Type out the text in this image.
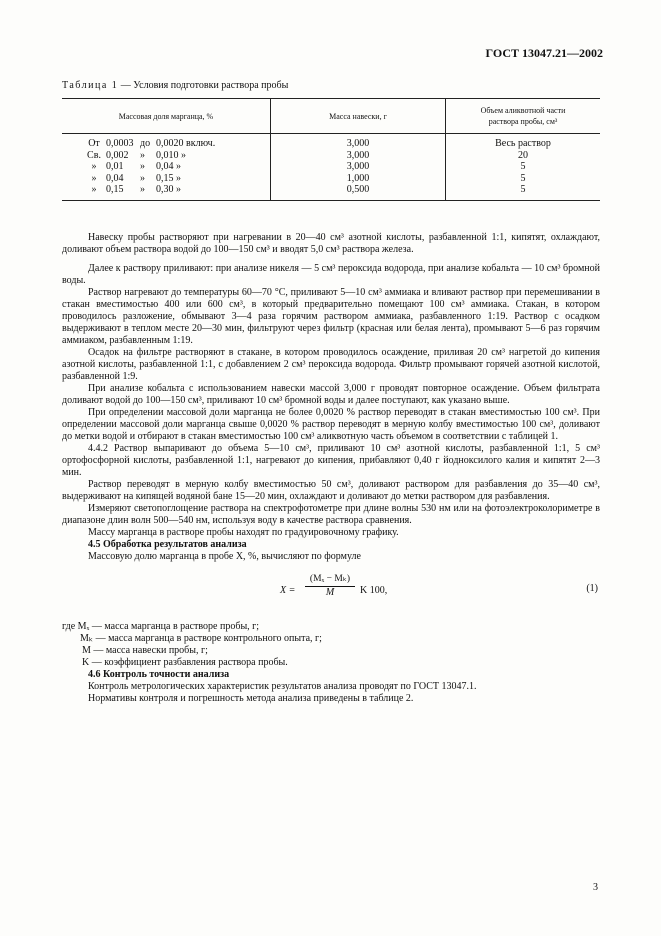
ГОСТ 13047.21—2002
Таблица 1 — Условия подготовки раствора пробы
Массовая доля марганца, %	Масса навески, г	Объем аликвотной части раствора пробы, см³
От 0,0003 до 0,0020 включ.	3,000	Весь раствор
Св. 0,002 » 0,010 »	3,000	20
» 0,01 » 0,04 »	3,000	5
» 0,04 » 0,15 »	1,000	5
» 0,15 » 0,30 »	0,500	5

Навеску пробы растворяют при нагревании в 20—40 см³ азотной кислоты, разбавленной 1:1, кипятят, охлаждают, доливают объем раствора водой до 100—150 см³ и вводят 5,0 см³ раствора железа.

Далее к раствору приливают: при анализе никеля — 5 см³ пероксида водорода, при анализе кобальта — 10 см³ бромной воды.

Раствор нагревают до температуры 60—70 °С, приливают 5—10 см³ аммиака и вливают раствор при перемешивании в стакан вместимостью 400 или 600 см³, в который предварительно помещают 100 см³ аммиака. Стакан, в котором проводилось разложение, обмывают 3—4 раза горячим раствором аммиака, разбавленного 1:19. Раствор с осадком выдерживают в теплом месте 20—30 мин, фильтруют через фильтр (красная или белая лента), промывают 5—6 раз горячим аммиаком, разбавленным 1:19.

Осадок на фильтре растворяют в стакане, в котором проводилось осаждение, приливая 20 см³ нагретой до кипения азотной кислоты, разбавленной 1:1, с добавлением 2 см³ пероксида водорода. Фильтр промывают горячей азотной кислотой, разбавленной 1:9.

При анализе кобальта с использованием навески массой 3,000 г проводят повторное осаждение. Объем фильтрата доливают водой до 100—150 см³, приливают 10 см³ бромной воды и далее поступают, как указано выше.

При определении массовой доли марганца не более 0,0020 % раствор переводят в стакан вместимостью 100 см³. При определении массовой доли марганца свыше 0,0020 % раствор переводят в мерную колбу вместимостью 100 см³, доливают до метки водой и отбирают в стакан вместимостью 100 см³ аликвотную часть объемом в соответствии с таблицей 1.

4.4.2 Раствор выпаривают до объема 5—10 см³, приливают 10 см³ азотной кислоты, разбавленной 1:1, 5 см³ ортофосфорной кислоты, разбавленной 1:1, нагревают до кипения, прибавляют 0,40 г йодноксилого калия и кипятят 2—3 мин.

Раствор переводят в мерную колбу вместимостью 50 см³, доливают раствором для разбавления до 35—40 см³, выдерживают на кипящей водяной бане 15—20 мин, охлаждают и доливают до метки раствором для разбавления.

Измеряют светопоглощение раствора на спектрофотометре при длине волны 530 нм или на фотоэлектроколориметре в диапазоне длин волн 500—540 нм, используя воду в качестве раствора сравнения.

Массу марганца в растворе пробы находят по градуировочному графику.

4.5 Обработка результатов анализа

Массовую долю марганца в пробе X, %, вычисляют по формуле

$X = \frac{\text{(Mₓ − Mₖ)}}{M}$ K 100,	(1)
где Mₓ — масса марганца в растворе пробы, г;
Mₖ — масса марганца в растворе контрольного опыта, г;
M — масса навески пробы, г;
K — коэффициент разбавления раствора пробы.
4.6 Контроль точности анализа

Контроль метрологических характеристик результатов анализа проводят по ГОСТ 13047.1.

Нормативы контроля и погрешность метода анализа приведены в таблице 2.

3
